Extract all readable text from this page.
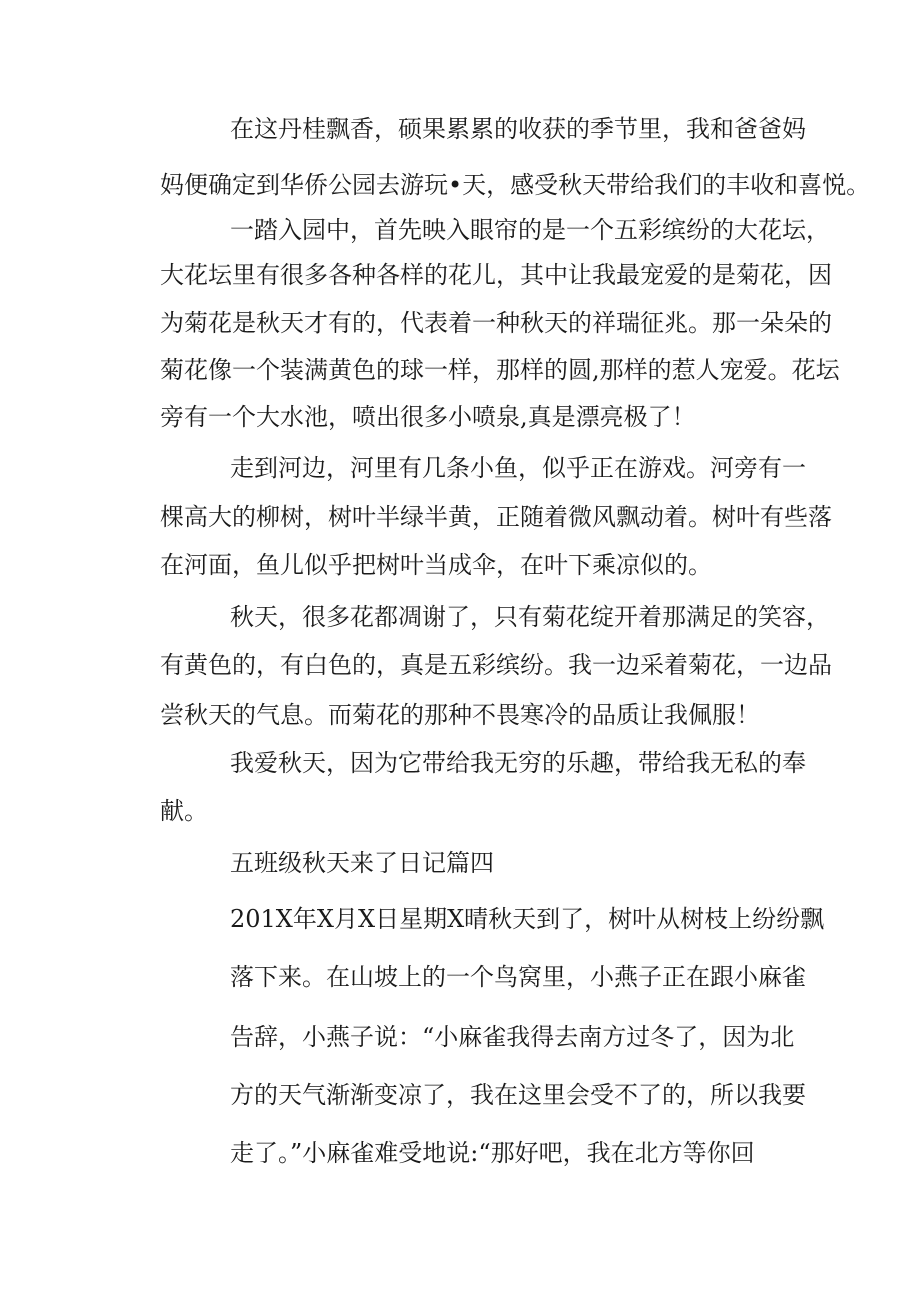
在这丹桂飘香，硕果累累的收获的季节里，我和爸爸妈
妈便确定到华侨公园去游玩•天，感受秋天带给我们的丰收和喜悦。
一踏入园中，首先映入眼帘的是一个五彩缤纷的大花坛，
大花坛里有很多各种各样的花儿，其中让我最宠爱的是菊花，因
为菊花是秋天才有的，代表着一种秋天的祥瑞征兆。那一朵朵的
菊花像一个装满黄色的球一样，那样的圆,那样的惹人宠爱。花坛
旁有一个大水池，喷出很多小喷泉,真是漂亮极了！
走到河边，河里有几条小鱼，似乎正在游戏。河旁有一
棵高大的柳树，树叶半绿半黄，正随着微风飘动着。树叶有些落
在河面，鱼儿似乎把树叶当成伞，在叶下乘凉似的。
秋天，很多花都凋谢了，只有菊花绽开着那满足的笑容，
有黄色的，有白色的，真是五彩缤纷。我一边采着菊花，一边品
尝秋天的气息。而菊花的那种不畏寒冷的品质让我佩服！
我爱秋天，因为它带给我无穷的乐趣，带给我无私的奉
献。
五班级秋天来了日记篇四
201X年X月X日星期X晴秋天到了，树叶从树枝上纷纷飘
落下来。在山坡上的一个鸟窝里，小燕子正在跟小麻雀
告辞，小燕子说：“小麻雀我得去南方过冬了，因为北
方的天气渐渐变凉了，我在这里会受不了的，所以我要
走了。”小麻雀难受地说:“那好吧，我在北方等你回
